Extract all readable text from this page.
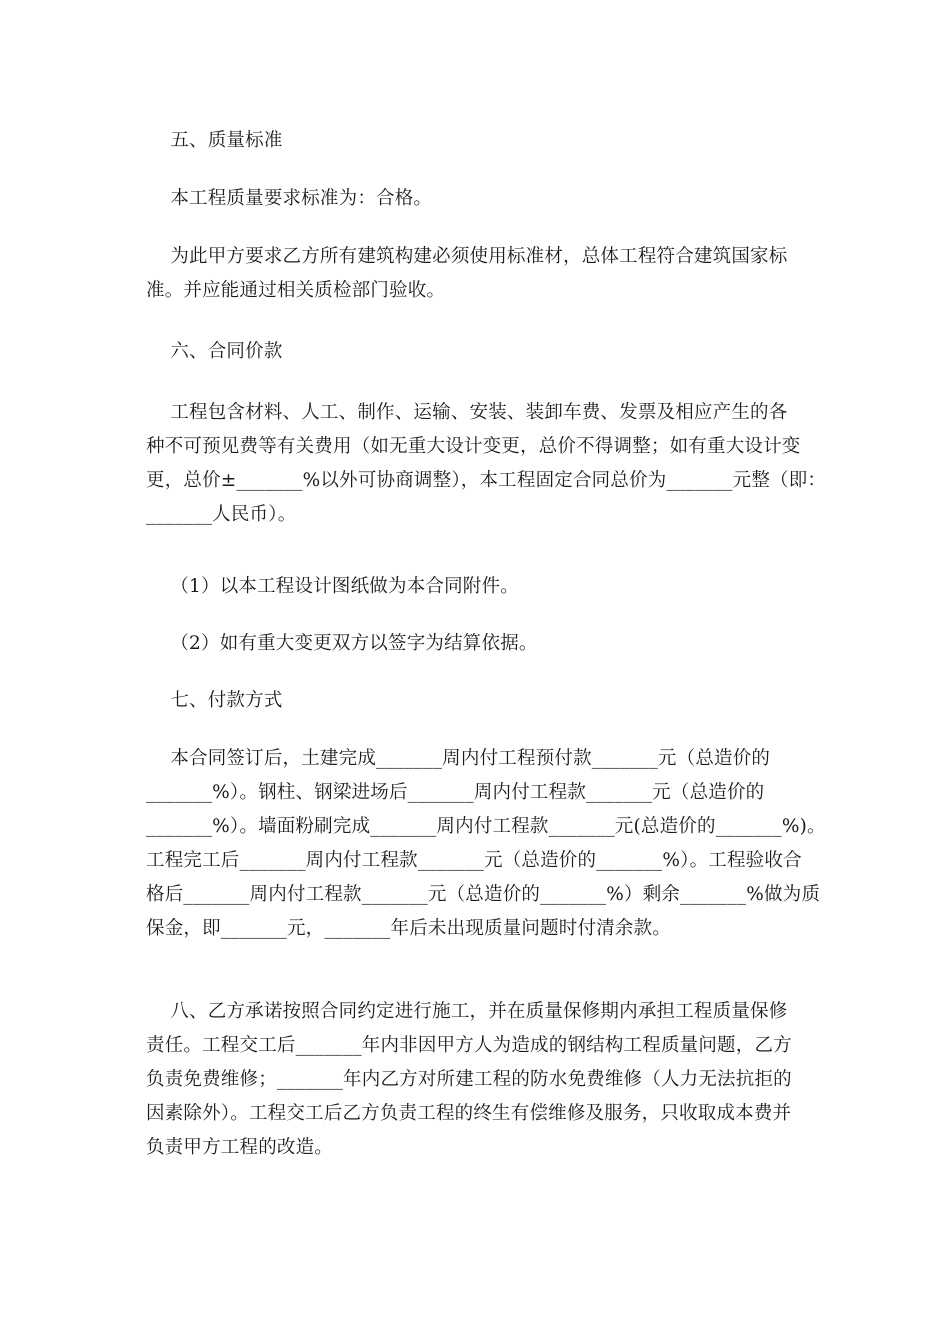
五、质量标准

本工程质量要求标准为：合格。

为此甲方要求乙方所有建筑构建必须使用标准材，总体工程符合建筑国家标
准。并应能通过相关质检部门验收。

六、合同价款

工程包含材料、人工、制作、运输、安装、装卸车费、发票及相应产生的各
种不可预见费等有关费用（如无重大设计变更，总价不得调整；如有重大设计变
更，总价±_______%以外可协商调整），本工程固定合同总价为_______元整（即：
_______人民币）。

（1）以本工程设计图纸做为本合同附件。

（2）如有重大变更双方以签字为结算依据。

七、付款方式

本合同签订后，土建完成_______周内付工程预付款_______元（总造价的
_______%）。钢柱、钢梁进场后_______周内付工程款_______元（总造价的
_______%）。墙面粉刷完成_______周内付工程款_______元(总造价的_______%)。
工程完工后_______周内付工程款_______元（总造价的_______%）。工程验收合
格后_______周内付工程款_______元（总造价的_______%）剩余_______%做为质
保金，即_______元，_______年后未出现质量问题时付清余款。

八、乙方承诺按照合同约定进行施工，并在质量保修期内承担工程质量保修
责任。工程交工后_______年内非因甲方人为造成的钢结构工程质量问题，乙方
负责免费维修；_______年内乙方对所建工程的防水免费维修（人力无法抗拒的
因素除外）。工程交工后乙方负责工程的终生有偿维修及服务，只收取成本费并
负责甲方工程的改造。
